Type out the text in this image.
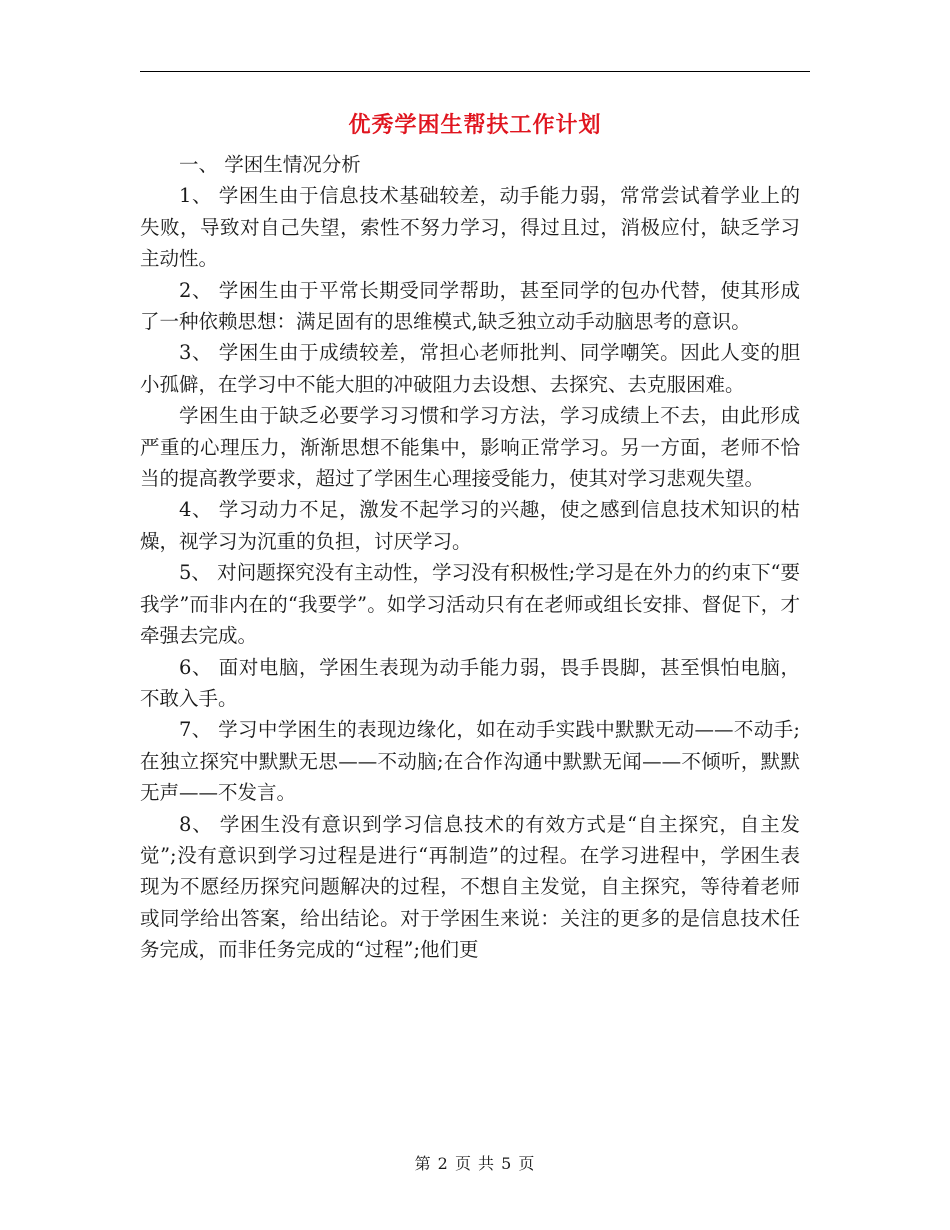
优秀学困生帮扶工作计划

一、 学困生情况分析

1、 学困生由于信息技术基础较差，动手能力弱，常常尝试着学业上的失败，导致对自己失望，索性不努力学习，得过且过，消极应付，缺乏学习主动性。

2、 学困生由于平常长期受同学帮助，甚至同学的包办代替，使其形成了一种依赖思想：满足固有的思维模式,缺乏独立动手动脑思考的意识。

3、 学困生由于成绩较差，常担心老师批判、同学嘲笑。因此人变的胆小孤僻，在学习中不能大胆的冲破阻力去设想、去探究、去克服困难。

学困生由于缺乏必要学习习惯和学习方法，学习成绩上不去，由此形成严重的心理压力，渐渐思想不能集中，影响正常学习。另一方面，老师不恰当的提高教学要求，超过了学困生心理接受能力，使其对学习悲观失望。

4、 学习动力不足，激发不起学习的兴趣，使之感到信息技术知识的枯燥，视学习为沉重的负担，讨厌学习。

5、 对问题探究没有主动性，学习没有积极性;学习是在外力的约束下“要我学”而非内在的“我要学”。如学习活动只有在老师或组长安排、督促下，才牵强去完成。

6、 面对电脑，学困生表现为动手能力弱，畏手畏脚，甚至惧怕电脑，不敢入手。

7、 学习中学困生的表现边缘化，如在动手实践中默默无动——不动手;在独立探究中默默无思——不动脑;在合作沟通中默默无闻——不倾听，默默无声——不发言。

8、 学困生没有意识到学习信息技术的有效方式是“自主探究，自主发觉”;没有意识到学习过程是进行“再制造”的过程。在学习进程中，学困生表现为不愿经历探究问题解决的过程，不想自主发觉，自主探究，等待着老师或同学给出答案，给出结论。对于学困生来说：关注的更多的是信息技术任务完成，而非任务完成的“过程”;他们更

第 2 页 共 5 页
